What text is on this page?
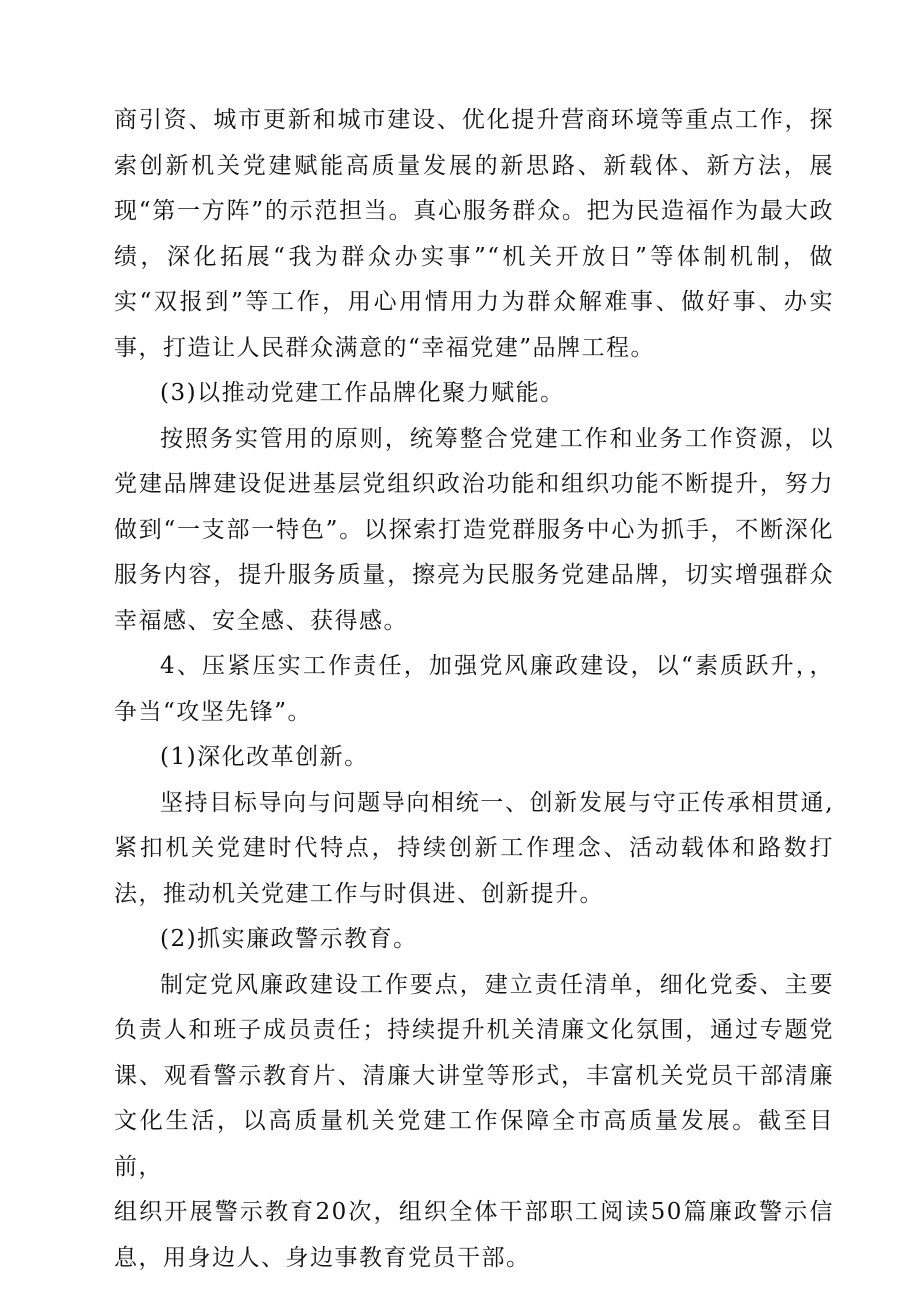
商引资、城市更新和城市建设、优化提升营商环境等重点工作，探索创新机关党建赋能高质量发展的新思路、新载体、新方法，展现“第一方阵”的示范担当。真心服务群众。把为民造福作为最大政绩，深化拓展“我为群众办实事”“机关开放日”等体制机制，做实“双报到”等工作，用心用情用力为群众解难事、做好事、办实事，打造让人民群众满意的“幸福党建”品牌工程。

(3)以推动党建工作品牌化聚力赋能。

按照务实管用的原则，统筹整合党建工作和业务工作资源，以党建品牌建设促进基层党组织政治功能和组织功能不断提升，努力做到“一支部一特色”。以探索打造党群服务中心为抓手，不断深化服务内容，提升服务质量，擦亮为民服务党建品牌，切实增强群众幸福感、安全感、获得感。

4、压紧压实工作责任，加强党风廉政建设，以“素质跃升，，争当“攻坚先锋”。

(1)深化改革创新。

坚持目标导向与问题导向相统一、创新发展与守正传承相贯通,紧扣机关党建时代特点，持续创新工作理念、活动载体和路数打法，推动机关党建工作与时俱进、创新提升。

(2)抓实廉政警示教育。

制定党风廉政建设工作要点，建立责任清单，细化党委、主要负责人和班子成员责任；持续提升机关清廉文化氛围，通过专题党课、观看警示教育片、清廉大讲堂等形式，丰富机关党员干部清廉文化生活，以高质量机关党建工作保障全市高质量发展。截至目前，

组织开展警示教育20次，组织全体干部职工阅读50篇廉政警示信息，用身边人、身边事教育党员干部。
